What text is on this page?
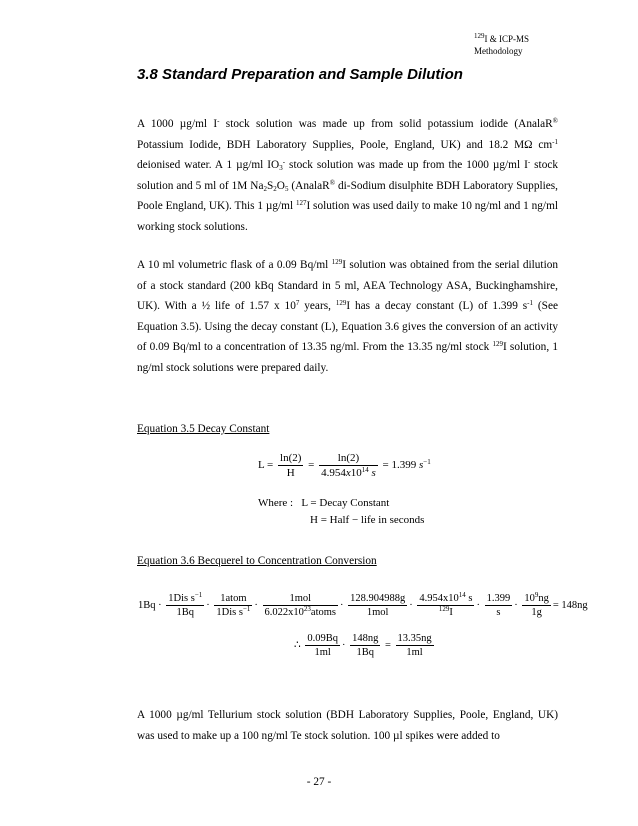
$^{129}$I & ICP-MS
Methodology
3.8 Standard Preparation and Sample Dilution
A 1000 µg/ml I- stock solution was made up from solid potassium iodide (AnalaR® Potassium Iodide, BDH Laboratory Supplies, Poole, England, UK) and 18.2 MΩ $cm^{-1}$ deionised water. A 1 µg/ml $IO_3^-$ stock solution was made up from the 1000 µg/ml I- stock solution and 5 ml of 1M $Na_2S_2O_5$ (AnalaR® di-Sodium disulphite BDH Laboratory Supplies, Poole England, UK). This 1 µg/ml $^{127}$I solution was used daily to make 10 ng/ml and 1 ng/ml working stock solutions.
A 10 ml volumetric flask of a 0.09 Bq/ml $^{129}$I solution was obtained from the serial dilution of a stock standard (200 kBq Standard in 5 ml, AEA Technology ASA, Buckinghamshire, UK). With a ½ life of 1.57 x $10^7$ years, $^{129}$I has a decay constant (L) of 1.399 $s^{-1}$ (See Equation 3.5). Using the decay constant (L), Equation 3.6 gives the conversion of an activity of 0.09 Bq/ml to a concentration of 13.35 ng/ml. From the 13.35 ng/ml stock $^{129}$I solution, 1 ng/ml stock solutions were prepared daily.
Equation 3.5 Decay Constant
$L = \frac{\ln(2)}{H} = \frac{\ln(2)}{4.954x10^{14} s} = 1.399$ $s^{-1}$
Where : L = Decay Constant
H = Half − life in seconds
Equation 3.6 Becquerel to Concentration Conversion
$1Bq \cdot \frac{1Dis s^{-1}}{1Bq} \cdot \frac{\text{1atom}}{1Dis s^{-1}} \cdot \frac{\text{1mol}}{6.022x10^{23}atoms} \cdot \frac{128.904988g}{\text{1mol}} \cdot \frac{4.954x10^{14} s}{^{129}I} \cdot \frac{1.399}{s} \cdot \frac{10^9ng}{1g} = 148ng$
∴ $\frac{0.09Bq}{1ml} \cdot \frac{148ng}{1Bq} = \frac{13.35ng}{1ml}$
A 1000 µg/ml Tellurium stock solution (BDH Laboratory Supplies, Poole, England, UK) was used to make up a 100 ng/ml Te stock solution. 100 µl spikes were added to
- 27 -
